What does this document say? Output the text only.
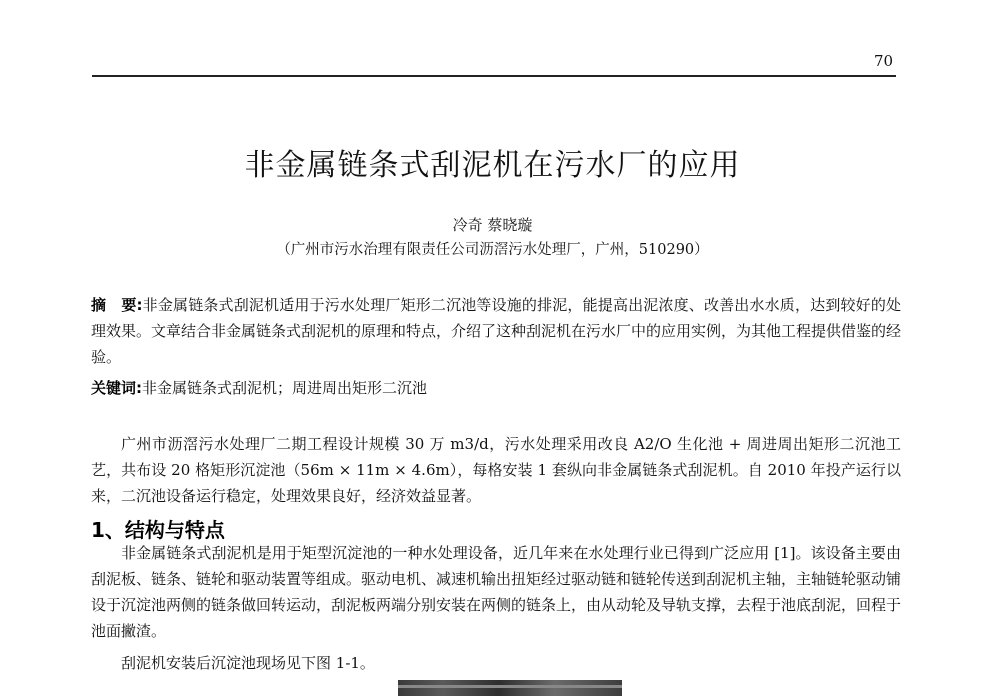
70
非金属链条式刮泥机在污水厂的应用
冷奇 蔡晓璇
（广州市污水治理有限责任公司沥滘污水处理厂，广州，510290）
摘　要:非金属链条式刮泥机适用于污水处理厂矩形二沉池等设施的排泥，能提高出泥浓度、改善出水水质，达到较好的处理效果。文章结合非金属链条式刮泥机的原理和特点，介绍了这种刮泥机在污水厂中的应用实例，为其他工程提供借鉴的经验。
关键词:非金属链条式刮泥机；周进周出矩形二沉池
广州市沥滘污水处理厂二期工程设计规模 30 万 m3/d，污水处理采用改良 A2/O 生化池 + 周进周出矩形二沉池工艺，共布设 20 格矩形沉淀池（56m × 11m × 4.6m），每格安装 1 套纵向非金属链条式刮泥机。自 2010 年投产运行以来，二沉池设备运行稳定，处理效果良好，经济效益显著。
1、结构与特点
非金属链条式刮泥机是用于矩型沉淀池的一种水处理设备，近几年来在水处理行业已得到广泛应用 [1]。该设备主要由刮泥板、链条、链轮和驱动装置等组成。驱动电机、减速机输出扭矩经过驱动链和链轮传送到刮泥机主轴，主轴链轮驱动铺设于沉淀池两侧的链条做回转运动，刮泥板两端分别安装在两侧的链条上，由从动轮及导轨支撑，去程于池底刮泥，回程于池面撇渣。
刮泥机安装后沉淀池现场见下图 1-1。
